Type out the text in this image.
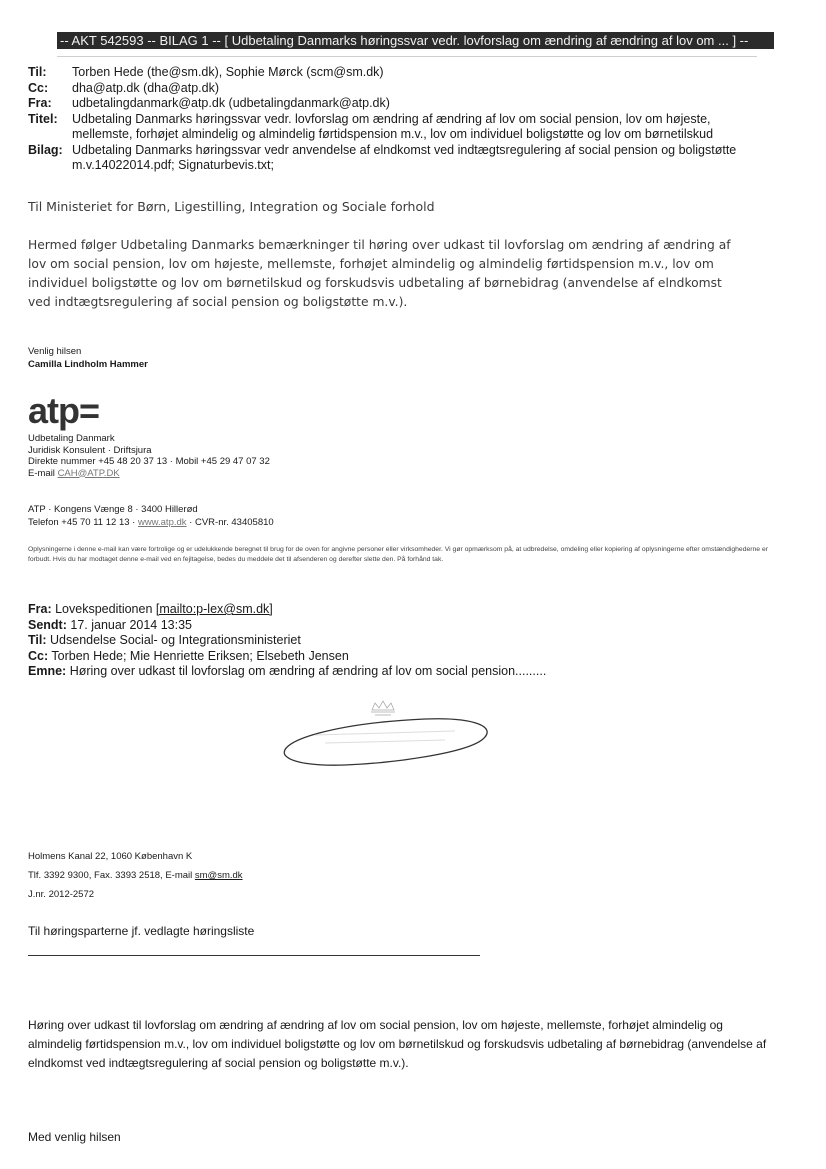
-- AKT 542593 -- BILAG 1 -- [ Udbetaling Danmarks høringssvar vedr. lovforslag om ændring af ændring af lov om ... ] --
Til:	Torben Hede (the@sm.dk), Sophie Mørck (scm@sm.dk)
Cc:	dha@atp.dk (dha@atp.dk)
Fra:	udbetalingdanmark@atp.dk (udbetalingdanmark@atp.dk)
Titel:	Udbetaling Danmarks høringssvar vedr. lovforslag om ændring af ændring af lov om social pension, lov om højeste, mellemste, forhøjet almindelig og almindelig førtidspension m.v., lov om individuel boligstøtte og lov om børnetilskud
Bilag: Udbetaling Danmarks høringssvar vedr anvendelse af elndkomst ved indtægtsregulering af social pension og boligstøtte m.v.14022014.pdf; Signaturbevis.txt;
Til Ministeriet for Børn, Ligestilling, Integration og Sociale forhold
Hermed følger Udbetaling Danmarks bemærkninger til høring over udkast til lovforslag om ændring af ændring af lov om social pension, lov om højeste, mellemste, forhøjet almindelig og almindelig førtidspension m.v., lov om individuel boligstøtte og lov om børnetilskud og forskudsvis udbetaling af børnebidrag (anvendelse af elndkomst ved indtægtsregulering af social pension og boligstøtte m.v.).
Venlig hilsen
Camilla Lindholm Hammer
atp=
Udbetaling Danmark
Juridisk Konsulent · Driftsjura
Direkte nummer +45 48 20 37 13 · Mobil +45 29 47 07 32
E-mail CAH@ATP.DK
ATP · Kongens Vænge 8 · 3400 Hillerød
Telefon +45 70 11 12 13 · www.atp.dk · CVR-nr. 43405810
Oplysningerne i denne e-mail kan være fortrolige og er udelukkende beregnet til brug for de oven for angivne personer eller virksomheder. Vi gør opmærksom på, at udbredelse, omdeling eller kopiering af oplysningerne efter omstændighederne er forbudt. Hvis du har modtaget denne e-mail ved en fejltagelse, bedes du meddele det til afsenderen og derefter slette den. På forhånd tak.
Fra: Lovekspeditionen [mailto:p-lex@sm.dk]
Sendt: 17. januar 2014 13:35
Til: Udsendelse Social- og Integrationsministeriet
Cc: Torben Hede; Mie Henriette Eriksen; Elsebeth Jensen
Emne: Høring over udkast til lovforslag om ændring af ændring af lov om social pension.........
Holmens Kanal 22, 1060 København K
Tlf. 3392 9300, Fax. 3393 2518, E-mail sm@sm.dk
J.nr. 2012-2572
Til høringsparterne jf. vedlagte høringsliste
Høring over udkast til lovforslag om ændring af ændring af lov om social pension, lov om højeste, mellemste, forhøjet almindelig og almindelig førtidspension m.v., lov om individuel boligstøtte og lov om børnetilskud og forskudsvis udbetaling af børnebidrag (anvendelse af elndkomst ved indtægtsregulering af social pension og boligstøtte m.v.).
Med venlig hilsen
